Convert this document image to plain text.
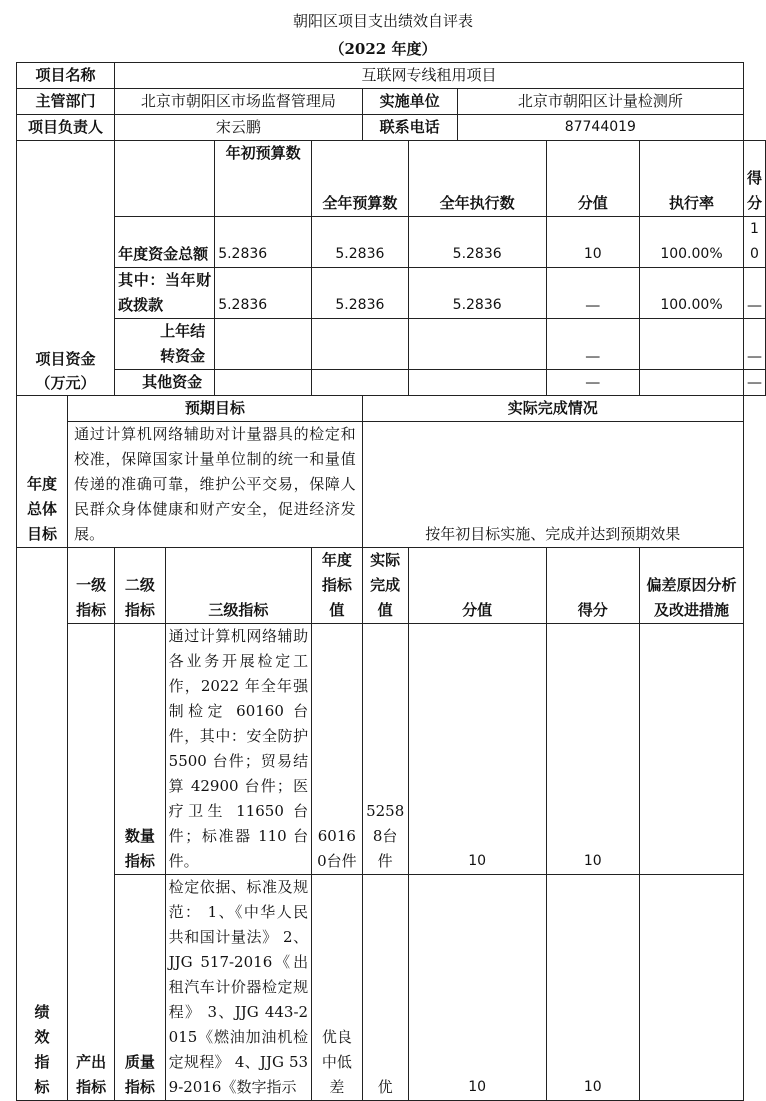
朝阳区项目支出绩效自评表
（2022 年度）
项目名称		互联网专线租用项目									
主管部门		北京市朝阳区市场监督管理局				实施单位		北京市朝阳区计量检测所			
项目负责人		宋云鹏				联系电话		87744019			
项目资金（万元）				年初预算数	全年预算数		全年执行数		分值	执行率	得分
		年度资金总额		5.2836	5.2836		5.2836		10	100.00%	10
		其中：当年财政拨款		5.2836	5.2836		5.2836		—	100.00%	—
		上年结转资金							—		—
		其他资金							—		—
年度总体目标	预期目标					实际完成情况					
	通过计算机网络辅助对计量器具的检定和校准，保障国家计量单位制的统一和量值传递的准确可靠，维护公平交易，保障人民群众身体健康和财产安全，促进经济发展。					按年初目标实施、完成并达到预期效果					
绩效指标	一级指标	二级指标	三级指标		年度指标值	实际完成值	分值		得分	偏差原因分析及改进措施	
	产出指标	数量指标	通过计算机网络辅助各业务开展检定工作，2022 年全年强制检定 60160 台件，其中：安全防护 5500 台件；贸易结算 42900 台件；医疗卫生 11650 台件；标准器 110 台件。		60160台件	52588台件	10		10		
		质量指标	检定依据、标准及规范： 1、《中华人民共和国计量法》 2、JJG 517-2016《出租汽车计价器检定规程》 3、JJG 443-2015《燃油加油机检定规程》 4、JJG 539-2016《数字指示		优良中低差	优	10		10		
